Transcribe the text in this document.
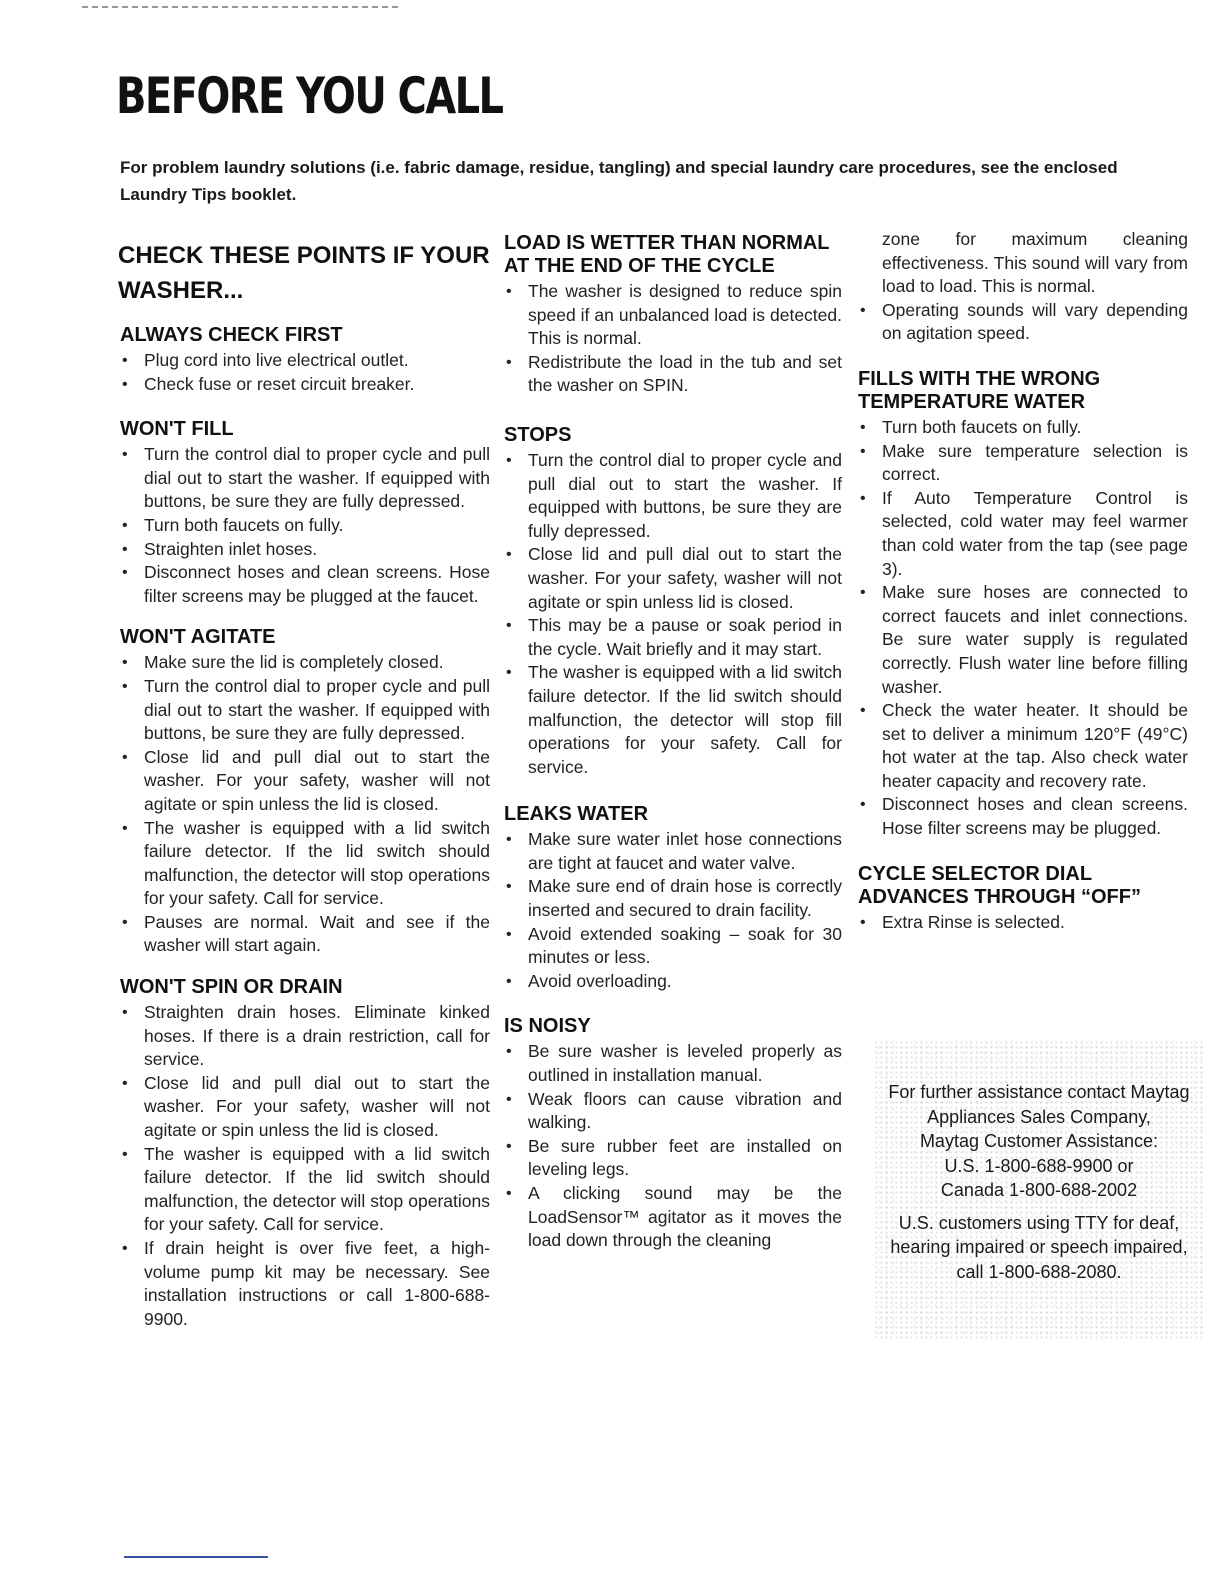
BEFORE YOU CALL

For problem laundry solutions (i.e. fabric damage, residue, tangling) and special laundry care procedures, see the enclosed Laundry Tips booklet.

CHECK THESE POINTS IF YOUR WASHER...
ALWAYS CHECK FIRST
• Plug cord into live electrical outlet.
• Check fuse or reset circuit breaker.
WON'T FILL
• Turn the control dial to proper cycle and pull dial out to start the washer. If equipped with buttons, be sure they are fully depressed.
• Turn both faucets on fully.
• Straighten inlet hoses.
• Disconnect hoses and clean screens. Hose filter screens may be plugged at the faucet.
WON'T AGITATE
• Make sure the lid is completely closed.
• Turn the control dial to proper cycle and pull dial out to start the washer. If equipped with buttons, be sure they are fully depressed.
• Close lid and pull dial out to start the washer. For your safety, washer will not agitate or spin unless the lid is closed.
• The washer is equipped with a lid switch failure detector. If the lid switch should malfunction, the detector will stop operations for your safety. Call for service.
• Pauses are normal. Wait and see if the washer will start again.
WON'T SPIN OR DRAIN
• Straighten drain hoses. Eliminate kinked hoses. If there is a drain restriction, call for service.
• Close lid and pull dial out to start the washer. For your safety, washer will not agitate or spin unless the lid is closed.
• The washer is equipped with a lid switch failure detector. If the lid switch should malfunction, the detector will stop operations for your safety. Call for service.
• If drain height is over five feet, a high-volume pump kit may be necessary. See installation instructions or call 1-800-688-9900.
LOAD IS WETTER THAN NORMAL AT THE END OF THE CYCLE
• The washer is designed to reduce spin speed if an unbalanced load is detected. This is normal.
• Redistribute the load in the tub and set the washer on SPIN.
STOPS
• Turn the control dial to proper cycle and pull dial out to start the washer. If equipped with buttons, be sure they are fully depressed.
• Close lid and pull dial out to start the washer. For your safety, washer will not agitate or spin unless lid is closed.
• This may be a pause or soak period in the cycle. Wait briefly and it may start.
• The washer is equipped with a lid switch failure detector. If the lid switch should malfunction, the detector will stop fill operations for your safety. Call for service.
LEAKS WATER
• Make sure water inlet hose connections are tight at faucet and water valve.
• Make sure end of drain hose is correctly inserted and secured to drain facility.
• Avoid extended soaking – soak for 30 minutes or less.
• Avoid overloading.
IS NOISY
• Be sure washer is leveled properly as outlined in installation manual.
• Weak floors can cause vibration and walking.
• Be sure rubber feet are installed on leveling legs.
• A clicking sound may be the LoadSensor™ agitator as it moves the load down through the cleaning
zone for maximum cleaning effectiveness. This sound will vary from load to load. This is normal.
• Operating sounds will vary depending on agitation speed.
FILLS WITH THE WRONG TEMPERATURE WATER
• Turn both faucets on fully.
• Make sure temperature selection is correct.
• If Auto Temperature Control is selected, cold water may feel warmer than cold water from the tap (see page 3).
• Make sure hoses are connected to correct faucets and inlet connections. Be sure water supply is regulated correctly. Flush water line before filling washer.
• Check the water heater. It should be set to deliver a minimum 120°F (49°C) hot water at the tap. Also check water heater capacity and recovery rate.
• Disconnect hoses and clean screens. Hose filter screens may be plugged.
CYCLE SELECTOR DIAL ADVANCES THROUGH “OFF”
• Extra Rinse is selected.
For further assistance contact Maytag
Appliances Sales Company,
Maytag Customer Assistance:
U.S. 1-800-688-9900 or
Canada 1-800-688-2002
U.S. customers using TTY for deaf,
hearing impaired or speech impaired,
call 1-800-688-2080.
